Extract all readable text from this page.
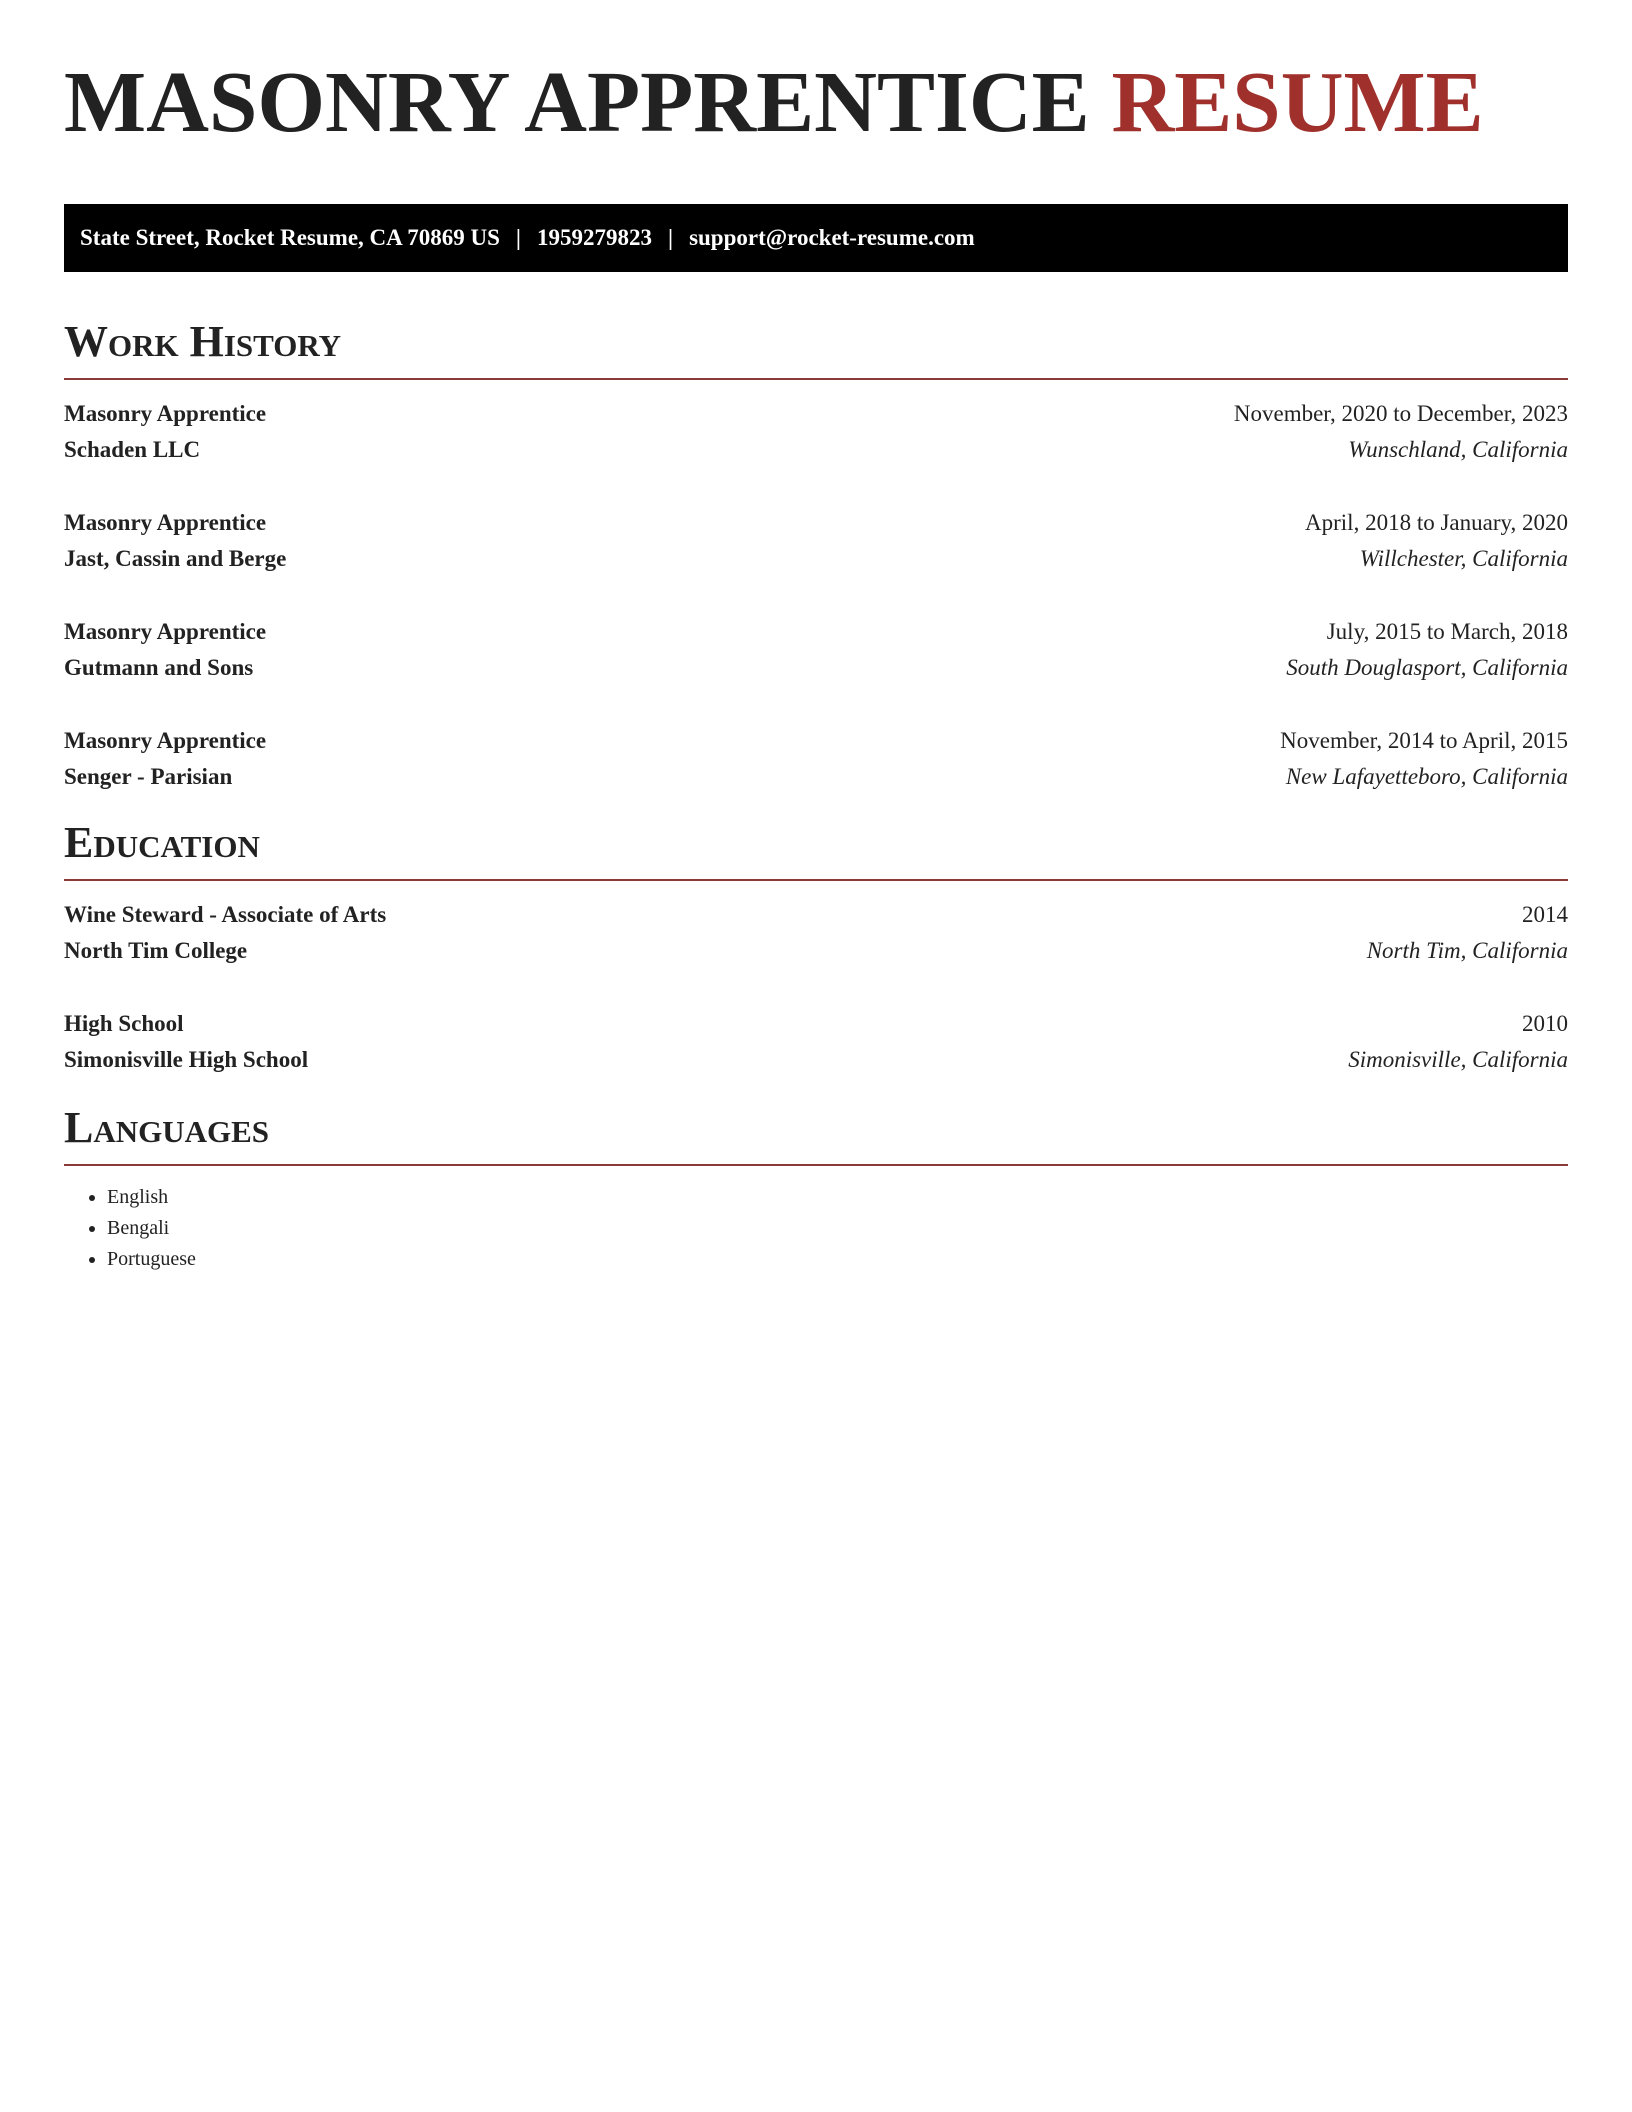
MASONRY APPRENTICE RESUME
State Street, Rocket Resume, CA 70869 US | 1959279823 | support@rocket-resume.com
Work History
Masonry Apprentice	November, 2020 to December, 2023
Schaden LLC	Wunschland, California
Masonry Apprentice	April, 2018 to January, 2020
Jast, Cassin and Berge	Willchester, California
Masonry Apprentice	July, 2015 to March, 2018
Gutmann and Sons	South Douglasport, California
Masonry Apprentice	November, 2014 to April, 2015
Senger - Parisian	New Lafayetteboro, California
Education
Wine Steward - Associate of Arts	2014
North Tim College	North Tim, California
High School	2010
Simonisville High School	Simonisville, California
Languages
• English
• Bengali
• Portuguese
